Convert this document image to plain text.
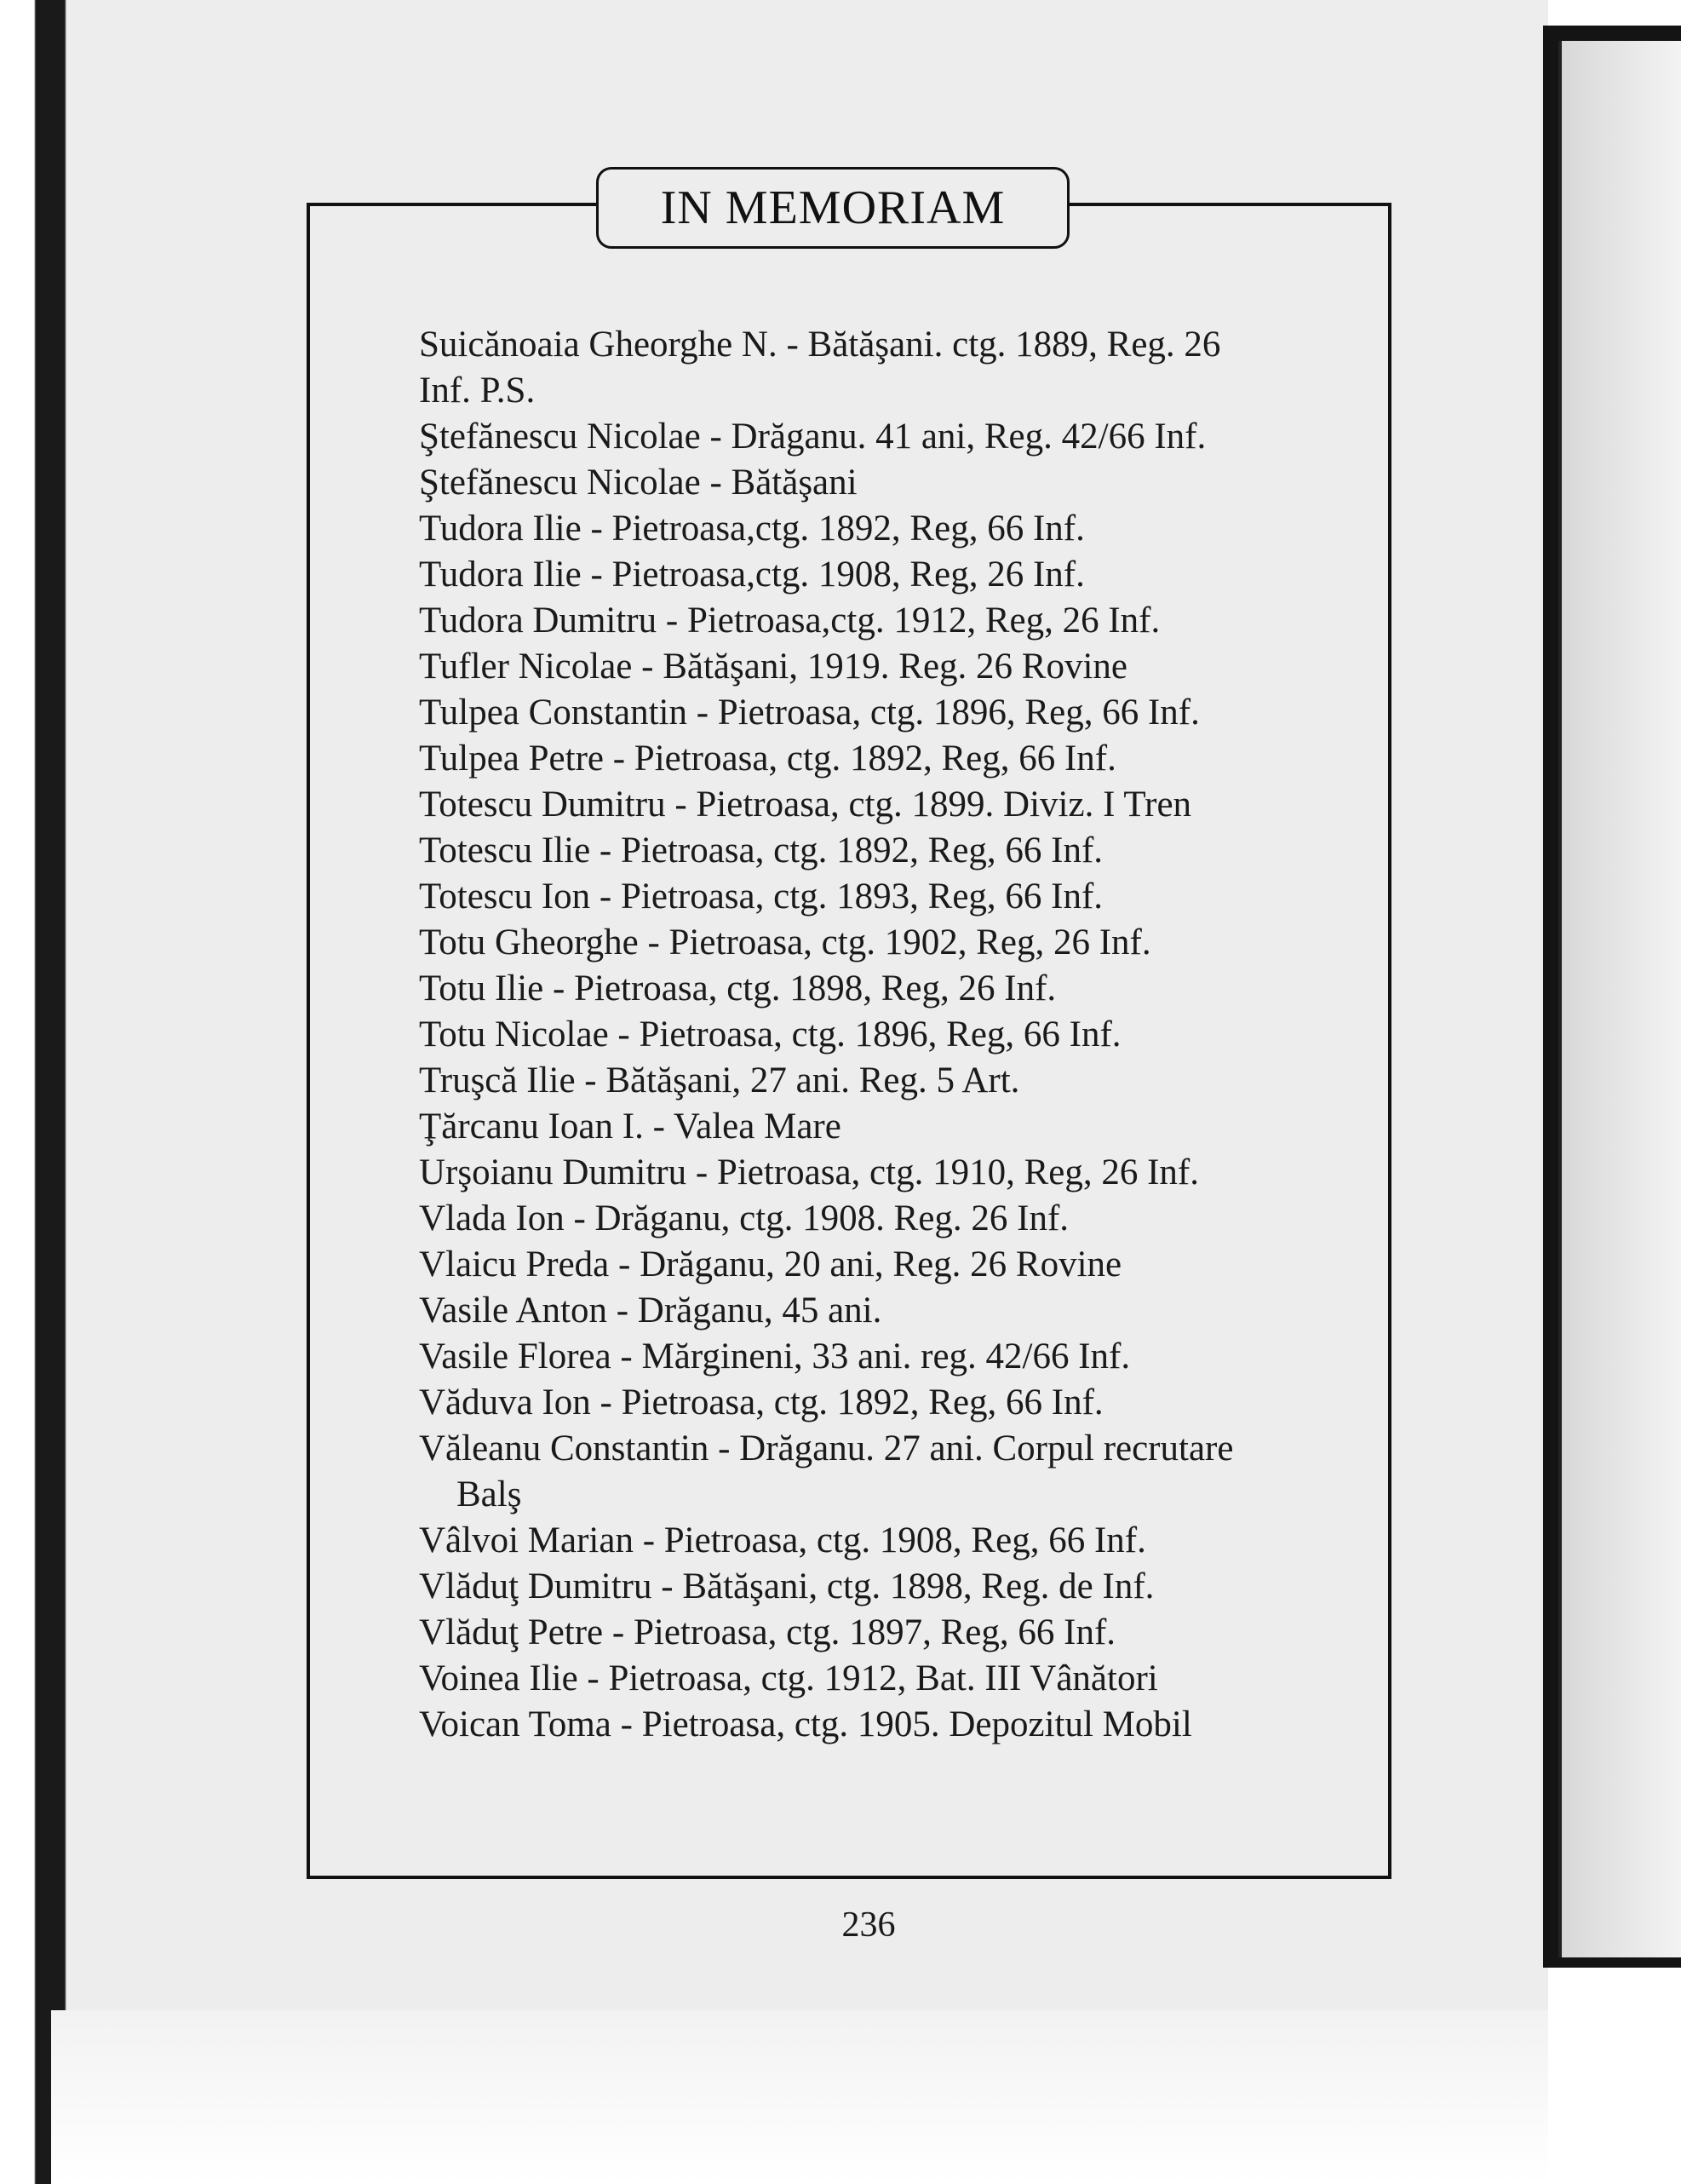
IN MEMORIAM
Suicănoaia Gheorghe N. - Bătăşani. ctg. 1889, Reg. 26
Inf. P.S.
Ştefănescu Nicolae - Drăganu. 41 ani, Reg. 42/66 Inf.
Ştefănescu Nicolae - Bătăşani
Tudora Ilie - Pietroasa,ctg. 1892, Reg, 66 Inf.
Tudora Ilie - Pietroasa,ctg. 1908, Reg, 26 Inf.
Tudora Dumitru - Pietroasa,ctg. 1912, Reg, 26 Inf.
Tufler Nicolae - Bătăşani, 1919. Reg. 26 Rovine
Tulpea Constantin - Pietroasa, ctg. 1896, Reg, 66 Inf.
Tulpea Petre - Pietroasa, ctg. 1892, Reg, 66 Inf.
Totescu Dumitru - Pietroasa, ctg. 1899. Diviz. I Tren
Totescu Ilie - Pietroasa, ctg. 1892, Reg, 66 Inf.
Totescu Ion - Pietroasa, ctg. 1893, Reg, 66 Inf.
Totu Gheorghe - Pietroasa, ctg. 1902, Reg, 26 Inf.
Totu Ilie - Pietroasa, ctg. 1898, Reg, 26 Inf.
Totu Nicolae - Pietroasa, ctg. 1896, Reg, 66 Inf.
Truşcă Ilie - Bătăşani, 27 ani. Reg. 5 Art.
Ţărcanu Ioan I. - Valea Mare
Urşoianu Dumitru - Pietroasa, ctg. 1910, Reg, 26 Inf.
Vlada Ion - Drăganu, ctg. 1908. Reg. 26 Inf.
Vlaicu Preda - Drăganu, 20 ani, Reg. 26 Rovine
Vasile Anton - Drăganu, 45 ani.
Vasile Florea - Mărgineni, 33 ani. reg. 42/66 Inf.
Văduva Ion - Pietroasa, ctg. 1892, Reg, 66 Inf.
Văleanu Constantin - Drăganu. 27 ani. Corpul recrutare
Balş
Vâlvoi Marian - Pietroasa, ctg. 1908, Reg, 66 Inf.
Vlăduţ Dumitru - Bătăşani, ctg. 1898, Reg. de Inf.
Vlăduţ Petre - Pietroasa, ctg. 1897, Reg, 66 Inf.
Voinea Ilie - Pietroasa, ctg. 1912, Bat. III Vânători
Voican Toma - Pietroasa, ctg. 1905. Depozitul Mobil
236
